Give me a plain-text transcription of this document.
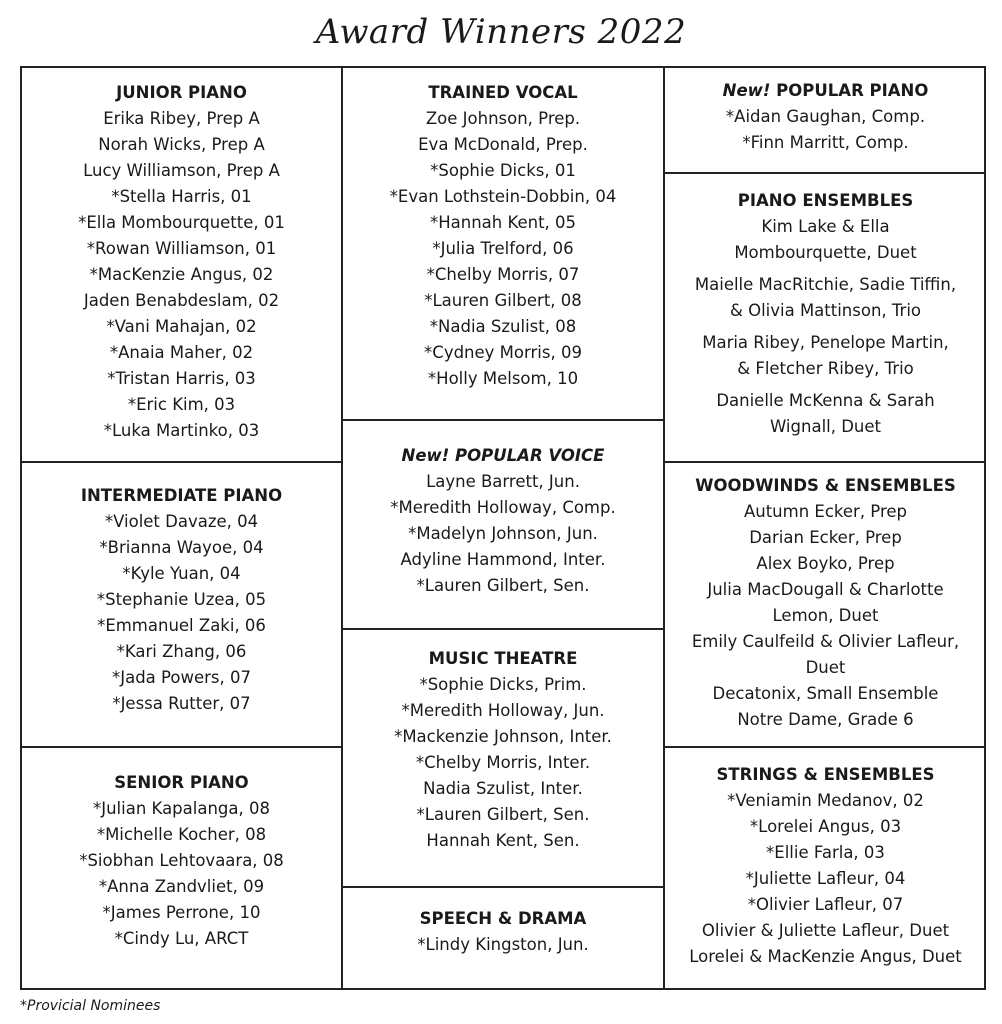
Award Winners 2022
JUNIOR PIANO
Erika Ribey, Prep A
Norah Wicks, Prep A
Lucy Williamson, Prep A
*Stella Harris, 01
*Ella Mombourquette, 01
*Rowan Williamson, 01
*MacKenzie Angus, 02
Jaden Benabdeslam, 02
*Vani Mahajan, 02
*Anaia Maher, 02
*Tristan Harris, 03
*Eric Kim, 03
*Luka Martinko, 03
INTERMEDIATE PIANO
*Violet Davaze, 04
*Brianna Wayoe, 04
*Kyle Yuan, 04
*Stephanie Uzea, 05
*Emmanuel Zaki, 06
*Kari Zhang, 06
*Jada Powers, 07
*Jessa Rutter, 07
SENIOR PIANO
*Julian Kapalanga, 08
*Michelle Kocher, 08
*Siobhan Lehtovaara, 08
*Anna Zandvliet, 09
*James Perrone, 10
*Cindy Lu, ARCT
TRAINED VOCAL
Zoe Johnson, Prep.
Eva McDonald, Prep.
*Sophie Dicks, 01
*Evan Lothstein-Dobbin, 04
*Hannah Kent, 05
*Julia Trelford, 06
*Chelby Morris, 07
*Lauren Gilbert, 08
*Nadia Szulist, 08
*Cydney Morris, 09
*Holly Melsom, 10
New! POPULAR VOICE
Layne Barrett, Jun.
*Meredith Holloway, Comp.
*Madelyn Johnson, Jun.
Adyline Hammond, Inter.
*Lauren Gilbert, Sen.
MUSIC THEATRE
*Sophie Dicks, Prim.
*Meredith Holloway, Jun.
*Mackenzie Johnson, Inter.
*Chelby Morris, Inter.
Nadia Szulist, Inter.
*Lauren Gilbert, Sen.
Hannah Kent, Sen.
SPEECH & DRAMA
*Lindy Kingston, Jun.
New! POPULAR PIANO
*Aidan Gaughan, Comp.
*Finn Marritt, Comp.
PIANO ENSEMBLES
Kim Lake & Ella
Mombourquette, Duet
Maielle MacRitchie, Sadie Tiffin,
& Olivia Mattinson, Trio
Maria Ribey, Penelope Martin,
& Fletcher Ribey, Trio
Danielle McKenna & Sarah
Wignall, Duet
WOODWINDS & ENSEMBLES
Autumn Ecker, Prep
Darian Ecker, Prep
Alex Boyko, Prep
Julia MacDougall & Charlotte
Lemon, Duet
Emily Caulfeild & Olivier Lafleur,
Duet
Decatonix, Small Ensemble
Notre Dame, Grade 6
STRINGS & ENSEMBLES
*Veniamin Medanov, 02
*Lorelei Angus, 03
*Ellie Farla, 03
*Juliette Lafleur, 04
*Olivier Lafleur, 07
Olivier & Juliette Lafleur, Duet
Lorelei & MacKenzie Angus, Duet
*Provicial Nominees
